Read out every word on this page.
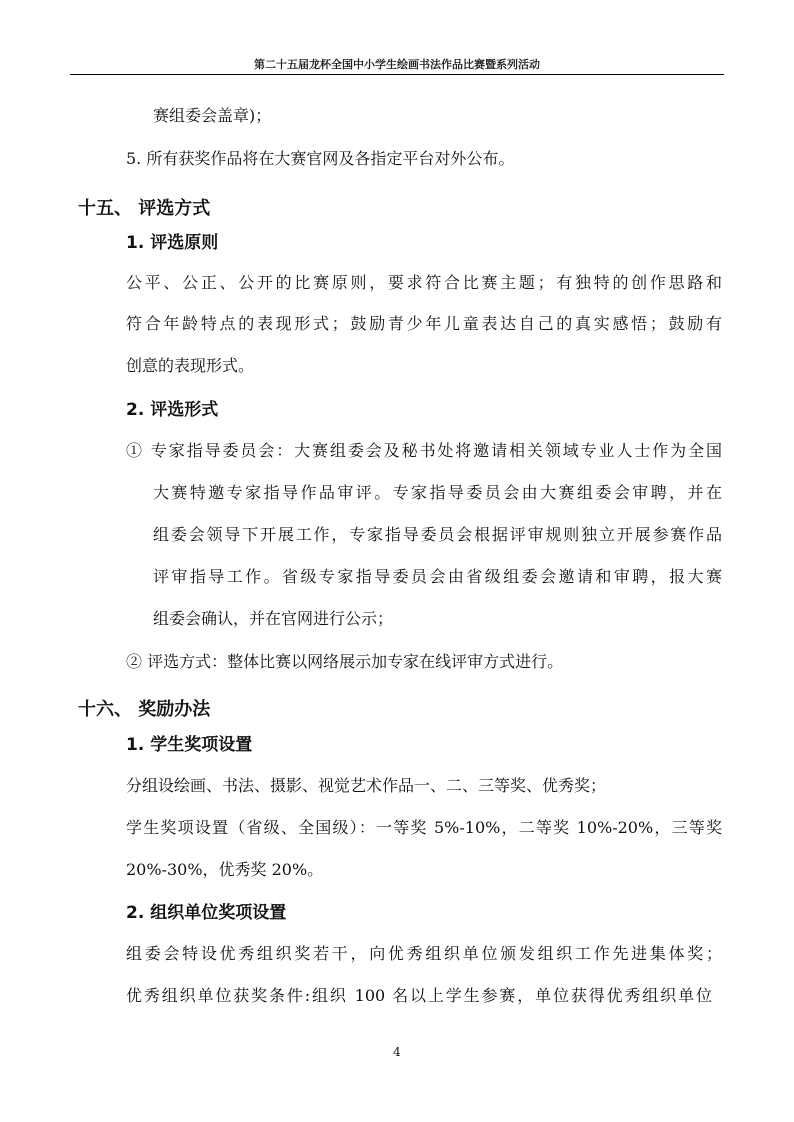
第二十五届龙杯全国中小学生绘画书法作品比赛暨系列活动
赛组委会盖章)；
5. 所有获奖作品将在大赛官网及各指定平台对外公布。
十五、 评选方式
1. 评选原则
公平、公正、公开的比赛原则，要求符合比赛主题；有独特的创作思路和
符合年龄特点的表现形式；鼓励青少年儿童表达自己的真实感悟；鼓励有
创意的表现形式。
2. 评选形式
① 专家指导委员会：大赛组委会及秘书处将邀请相关领域专业人士作为全国
大赛特邀专家指导作品审评。专家指导委员会由大赛组委会审聘，并在
组委会领导下开展工作，专家指导委员会根据评审规则独立开展参赛作品
评审指导工作。省级专家指导委员会由省级组委会邀请和审聘，报大赛
组委会确认，并在官网进行公示；
② 评选方式：整体比赛以网络展示加专家在线评审方式进行。
十六、 奖励办法
1. 学生奖项设置
分组设绘画、书法、摄影、视觉艺术作品一、二、三等奖、优秀奖；
学生奖项设置（省级、全国级）：一等奖 5%-10%，二等奖 10%-20%，三等奖
20%-30%，优秀奖 20%。
2. 组织单位奖项设置
组委会特设优秀组织奖若干，向优秀组织单位颁发组织工作先进集体奖；
优秀组织单位获奖条件:组织 100 名以上学生参赛，单位获得优秀组织单位
4
